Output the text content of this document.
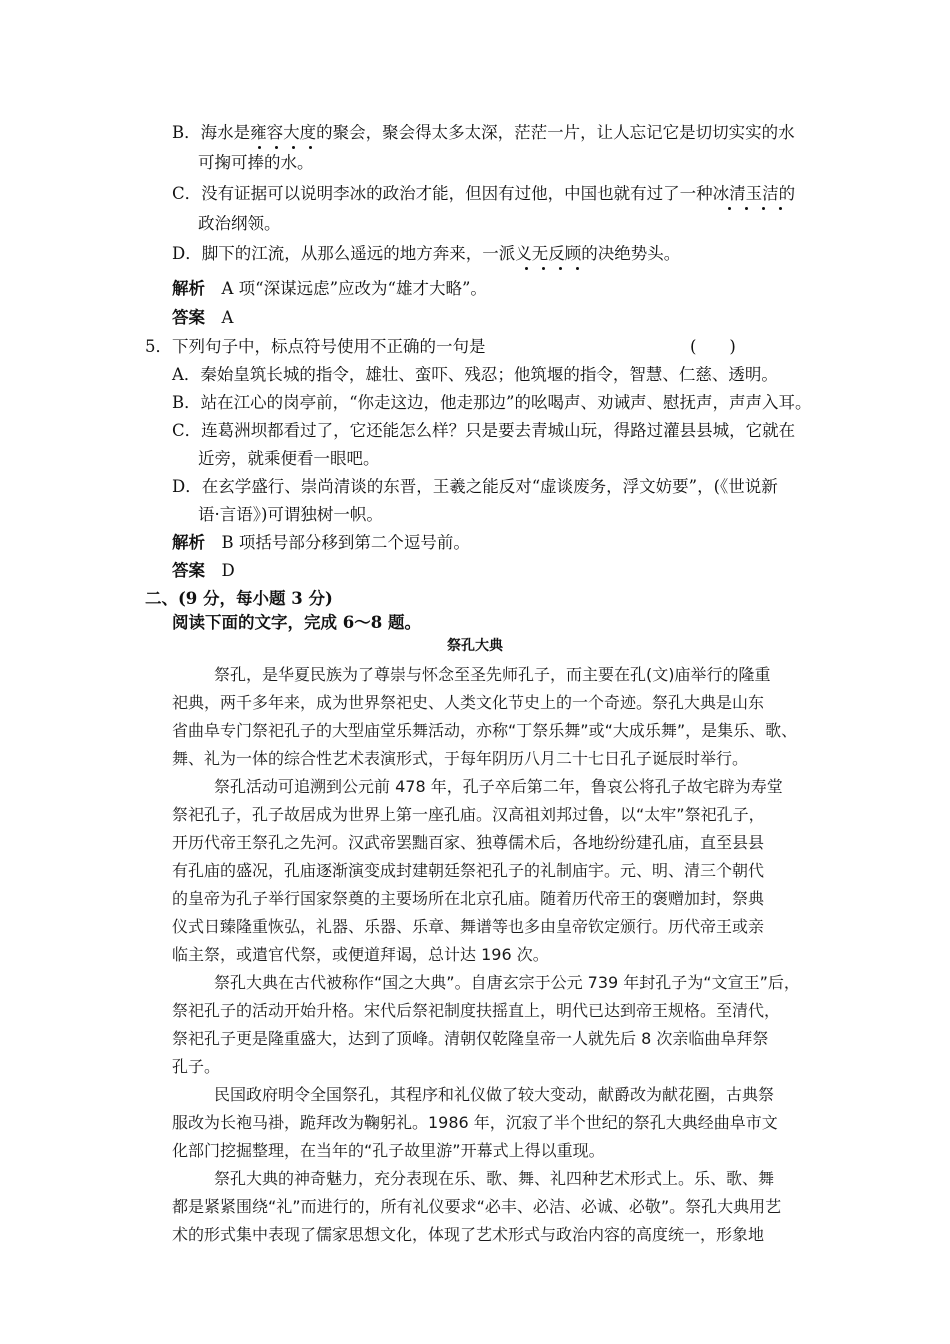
B．海水是雍容大度的聚会，聚会得太多太深，茫茫一片，让人忘记它是切切实实的水
可掬可捧的水。
C．没有证据可以说明李冰的政治才能，但因有过他，中国也就有过了一种冰清玉洁的
政治纲领。
D．脚下的江流，从那么遥远的地方奔来，一派义无反顾的决绝势头。
解析　 A 项“深谋远虑”应改为“雄才大略”。
答案　 A
5．下列句子中，标点符号使用不正确的一句是	(　　)
A．秦始皇筑长城的指令，雄壮、蛮吓、残忍；他筑堰的指令，智慧、仁慈、透明。
B．站在江心的岗亭前，“你走这边，他走那边”的吆喝声、劝诫声、慰抚声，声声入耳。
C．连葛洲坝都看过了，它还能怎么样？只是要去青城山玩，得路过灌县县城，它就在
近旁，就乘便看一眼吧。
D．在玄学盛行、崇尚清谈的东晋，王羲之能反对“虚谈废务，浮文妨要”，(《世说新
语·言语》)可谓独树一帜。
解析　 B 项括号部分移到第二个逗号前。
答案　 D
二、(9 分，每小题 3 分)
阅读下面的文字，完成 6～8 题。
祭孔大典
祭孔，是华夏民族为了尊崇与怀念至圣先师孔子，而主要在孔(文)庙举行的隆重
祀典，两千多年来，成为世界祭祀史、人类文化节史上的一个奇迹。祭孔大典是山东
省曲阜专门祭祀孔子的大型庙堂乐舞活动，亦称“丁祭乐舞”或“大成乐舞”，是集乐、歌、
舞、礼为一体的综合性艺术表演形式，于每年阴历八月二十七日孔子诞辰时举行。
祭孔活动可追溯到公元前 478 年，孔子卒后第二年，鲁哀公将孔子故宅辟为寿堂
祭祀孔子，孔子故居成为世界上第一座孔庙。汉高祖刘邦过鲁，以“太牢”祭祀孔子，
开历代帝王祭孔之先河。汉武帝罢黜百家、独尊儒术后，各地纷纷建孔庙，直至县县
有孔庙的盛况，孔庙逐渐演变成封建朝廷祭祀孔子的礼制庙宇。元、明、清三个朝代
的皇帝为孔子举行国家祭奠的主要场所在北京孔庙。随着历代帝王的褒赠加封，祭典
仪式日臻隆重恢弘，礼器、乐器、乐章、舞谱等也多由皇帝钦定颁行。历代帝王或亲
临主祭，或遣官代祭，或便道拜谒，总计达 196 次。
祭孔大典在古代被称作“国之大典”。自唐玄宗于公元 739 年封孔子为“文宣王”后，
祭祀孔子的活动开始升格。宋代后祭祀制度扶摇直上，明代已达到帝王规格。至清代，
祭祀孔子更是隆重盛大，达到了顶峰。清朝仅乾隆皇帝一人就先后 8 次亲临曲阜拜祭
孔子。
民国政府明令全国祭孔，其程序和礼仪做了较大变动，献爵改为献花圈，古典祭
服改为长袍马褂，跪拜改为鞠躬礼。1986 年，沉寂了半个世纪的祭孔大典经曲阜市文
化部门挖掘整理，在当年的“孔子故里游”开幕式上得以重现。
祭孔大典的神奇魅力，充分表现在乐、歌、舞、礼四种艺术形式上。乐、歌、舞
都是紧紧围绕“礼”而进行的，所有礼仪要求“必丰、必洁、必诚、必敬”。祭孔大典用艺
术的形式集中表现了儒家思想文化，体现了艺术形式与政治内容的高度统一，形象地
